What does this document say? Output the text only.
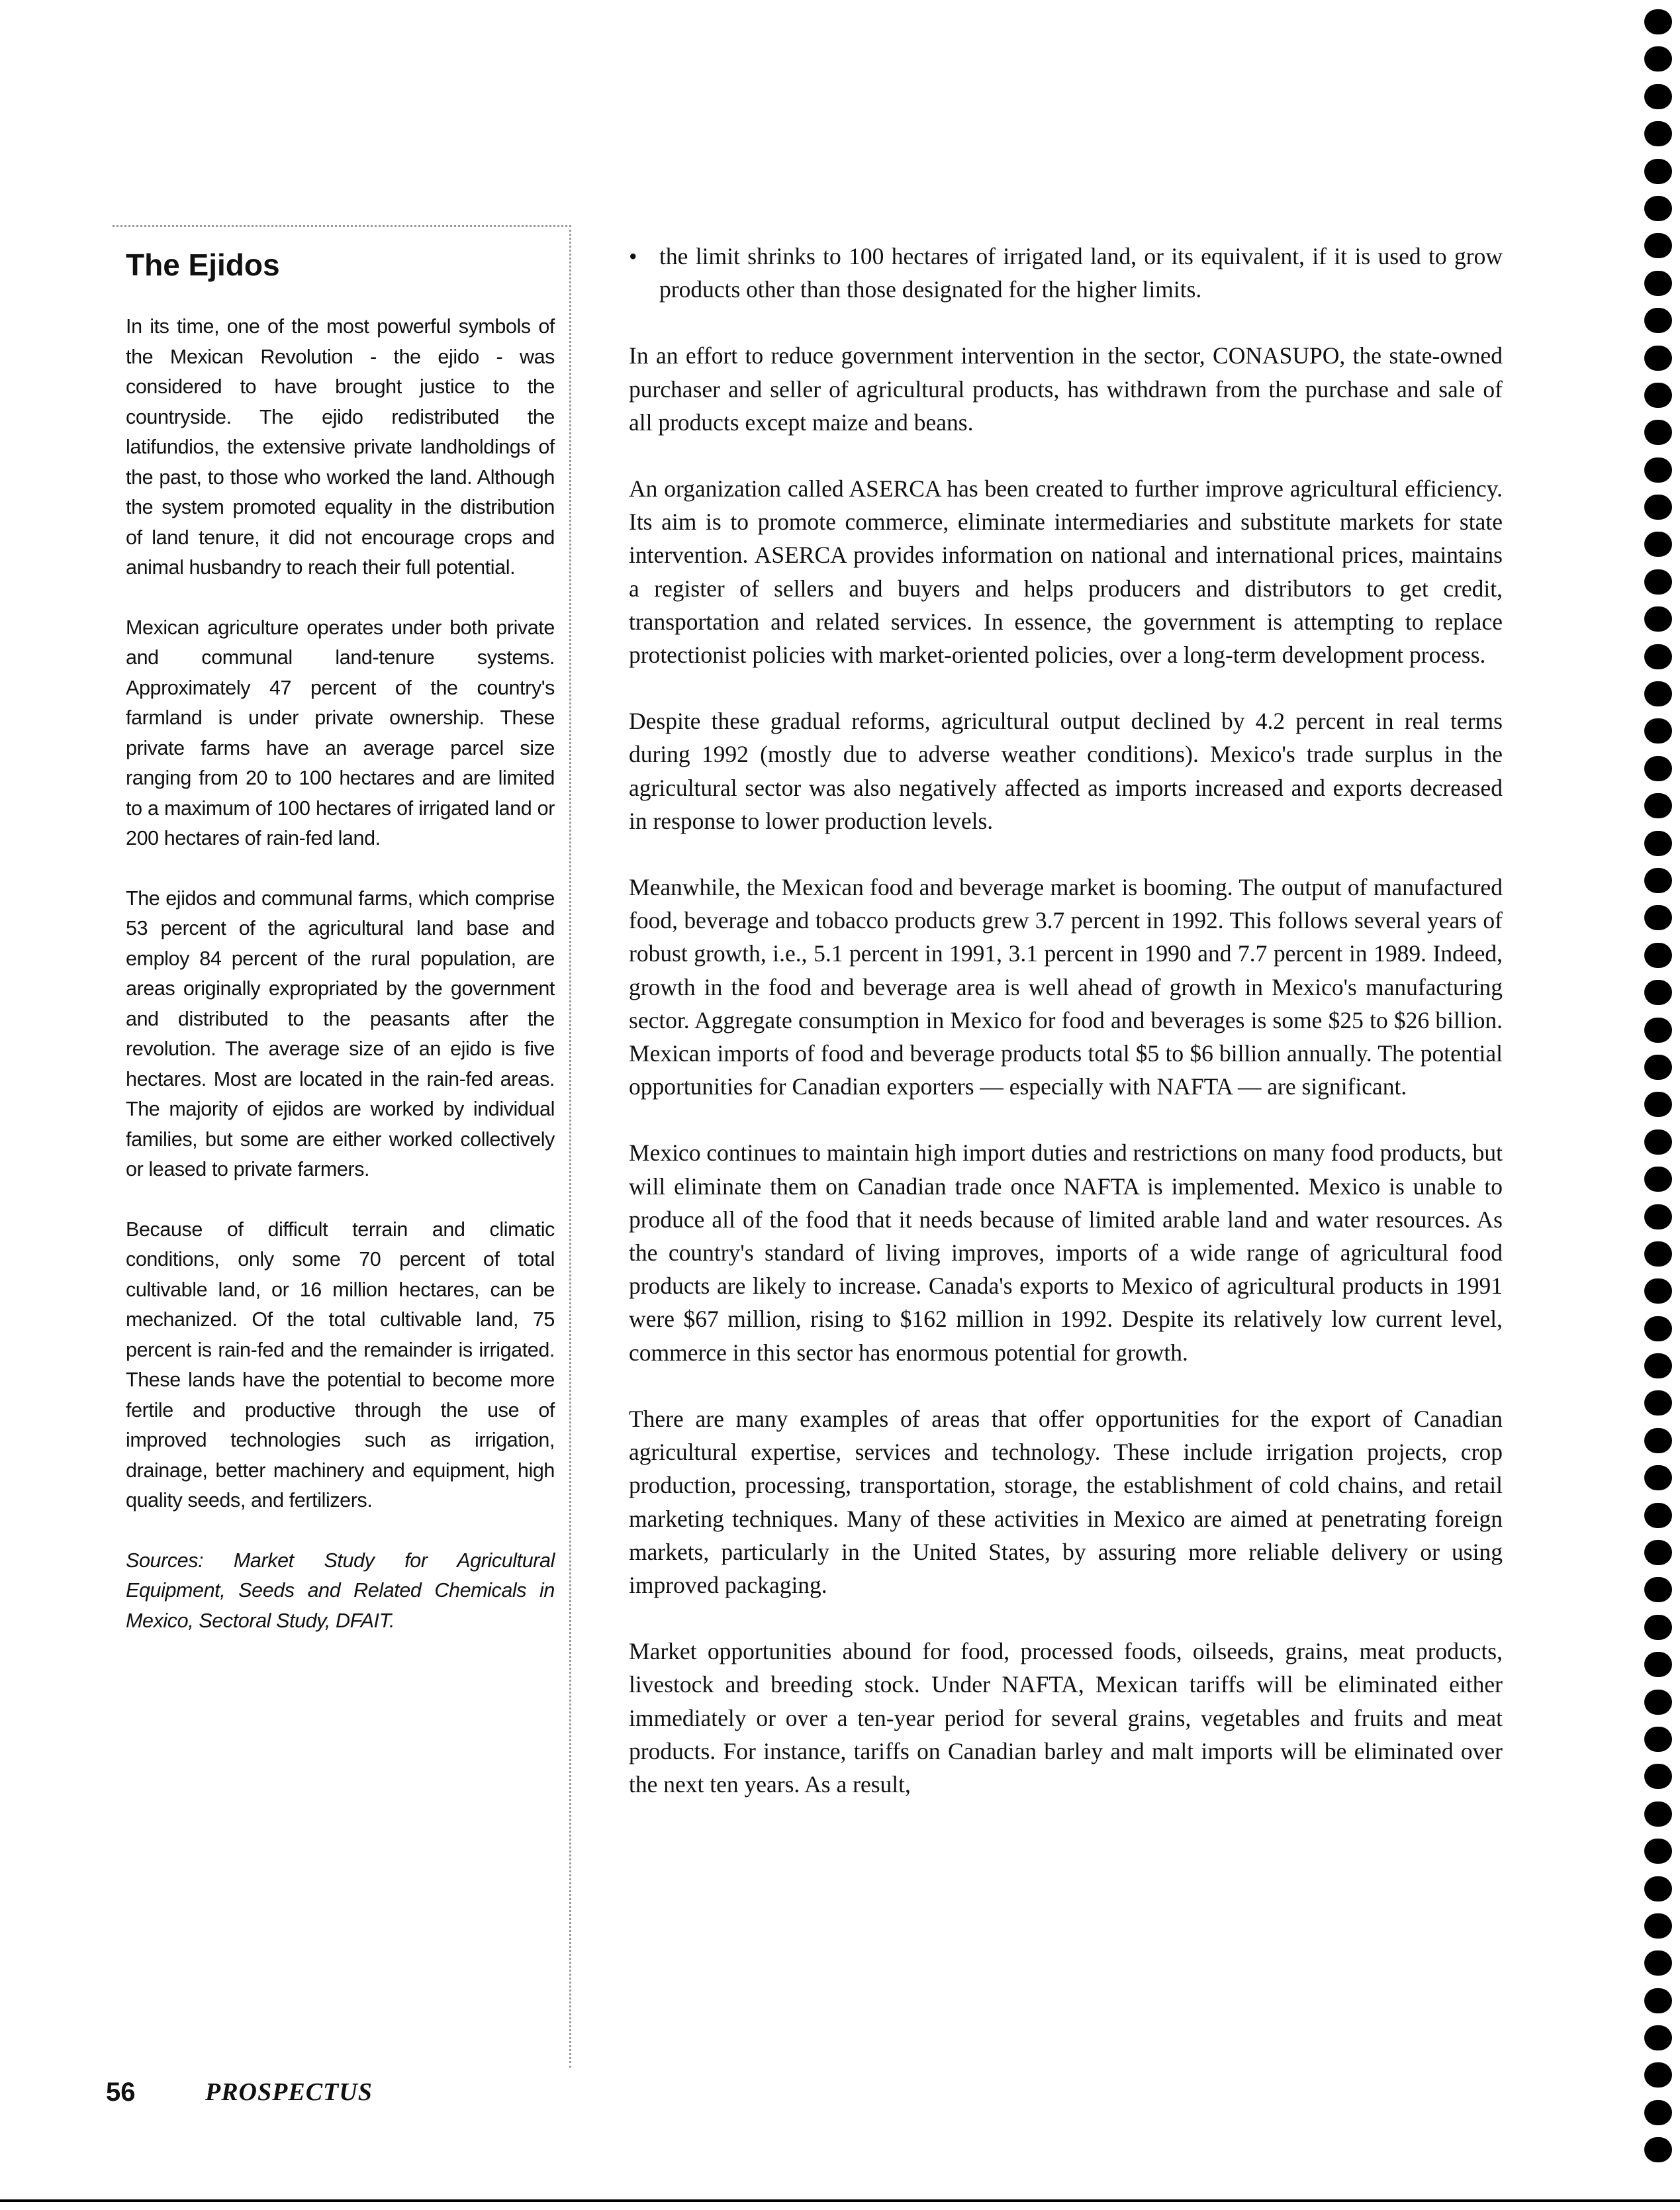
The Ejidos

In its time, one of the most powerful symbols of the Mexican Revolution - the ejido - was considered to have brought justice to the countryside. The ejido redistributed the latifundios, the extensive private landholdings of the past, to those who worked the land. Although the system promoted equality in the distribution of land tenure, it did not encourage crops and animal husbandry to reach their full potential.

Mexican agriculture operates under both private and communal land-tenure systems. Approximately 47 percent of the country's farmland is under private ownership. These private farms have an average parcel size ranging from 20 to 100 hectares and are limited to a maximum of 100 hectares of irrigated land or 200 hectares of rain-fed land.

The ejidos and communal farms, which comprise 53 percent of the agricultural land base and employ 84 percent of the rural population, are areas originally expropriated by the government and distributed to the peasants after the revolution. The average size of an ejido is five hectares. Most are located in the rain-fed areas. The majority of ejidos are worked by individual families, but some are either worked collectively or leased to private farmers.

Because of difficult terrain and climatic conditions, only some 70 percent of total cultivable land, or 16 million hectares, can be mechanized. Of the total cultivable land, 75 percent is rain-fed and the remainder is irrigated. These lands have the potential to become more fertile and productive through the use of improved technologies such as irrigation, drainage, better machinery and equipment, high quality seeds, and fertilizers.

Sources: Market Study for Agricultural Equipment, Seeds and Related Chemicals in Mexico, Sectoral Study, DFAIT.

• the limit shrinks to 100 hectares of irrigated land, or its equivalent, if it is used to grow products other than those designated for the higher limits.

In an effort to reduce government intervention in the sector, CONASUPO, the state-owned purchaser and seller of agricultural products, has withdrawn from the purchase and sale of all products except maize and beans.

An organization called ASERCA has been created to further improve agricultural efficiency. Its aim is to promote commerce, eliminate intermediaries and substitute markets for state intervention. ASERCA provides information on national and international prices, maintains a register of sellers and buyers and helps producers and distributors to get credit, transportation and related services. In essence, the government is attempting to replace protectionist policies with market-oriented policies, over a long-term development process.

Despite these gradual reforms, agricultural output declined by 4.2 percent in real terms during 1992 (mostly due to adverse weather conditions). Mexico's trade surplus in the agricultural sector was also negatively affected as imports increased and exports decreased in response to lower production levels.

Meanwhile, the Mexican food and beverage market is booming. The output of manufactured food, beverage and tobacco products grew 3.7 percent in 1992. This follows several years of robust growth, i.e., 5.1 percent in 1991, 3.1 percent in 1990 and 7.7 percent in 1989. Indeed, growth in the food and beverage area is well ahead of growth in Mexico's manufacturing sector. Aggregate consumption in Mexico for food and beverages is some $25 to $26 billion. Mexican imports of food and beverage products total $5 to $6 billion annually. The potential opportunities for Canadian exporters — especially with NAFTA — are significant.

Mexico continues to maintain high import duties and restrictions on many food products, but will eliminate them on Canadian trade once NAFTA is implemented. Mexico is unable to produce all of the food that it needs because of limited arable land and water resources. As the country's standard of living improves, imports of a wide range of agricultural food products are likely to increase. Canada's exports to Mexico of agricultural products in 1991 were $67 million, rising to $162 million in 1992. Despite its relatively low current level, commerce in this sector has enormous potential for growth.

There are many examples of areas that offer opportunities for the export of Canadian agricultural expertise, services and technology. These include irrigation projects, crop production, processing, transportation, storage, the establishment of cold chains, and retail marketing techniques. Many of these activities in Mexico are aimed at penetrating foreign markets, particularly in the United States, by assuring more reliable delivery or using improved packaging.

Market opportunities abound for food, processed foods, oilseeds, grains, meat products, livestock and breeding stock. Under NAFTA, Mexican tariffs will be eliminated either immediately or over a ten-year period for several grains, vegetables and fruits and meat products. For instance, tariffs on Canadian barley and malt imports will be eliminated over the next ten years. As a result,

56	PROSPECTUS
